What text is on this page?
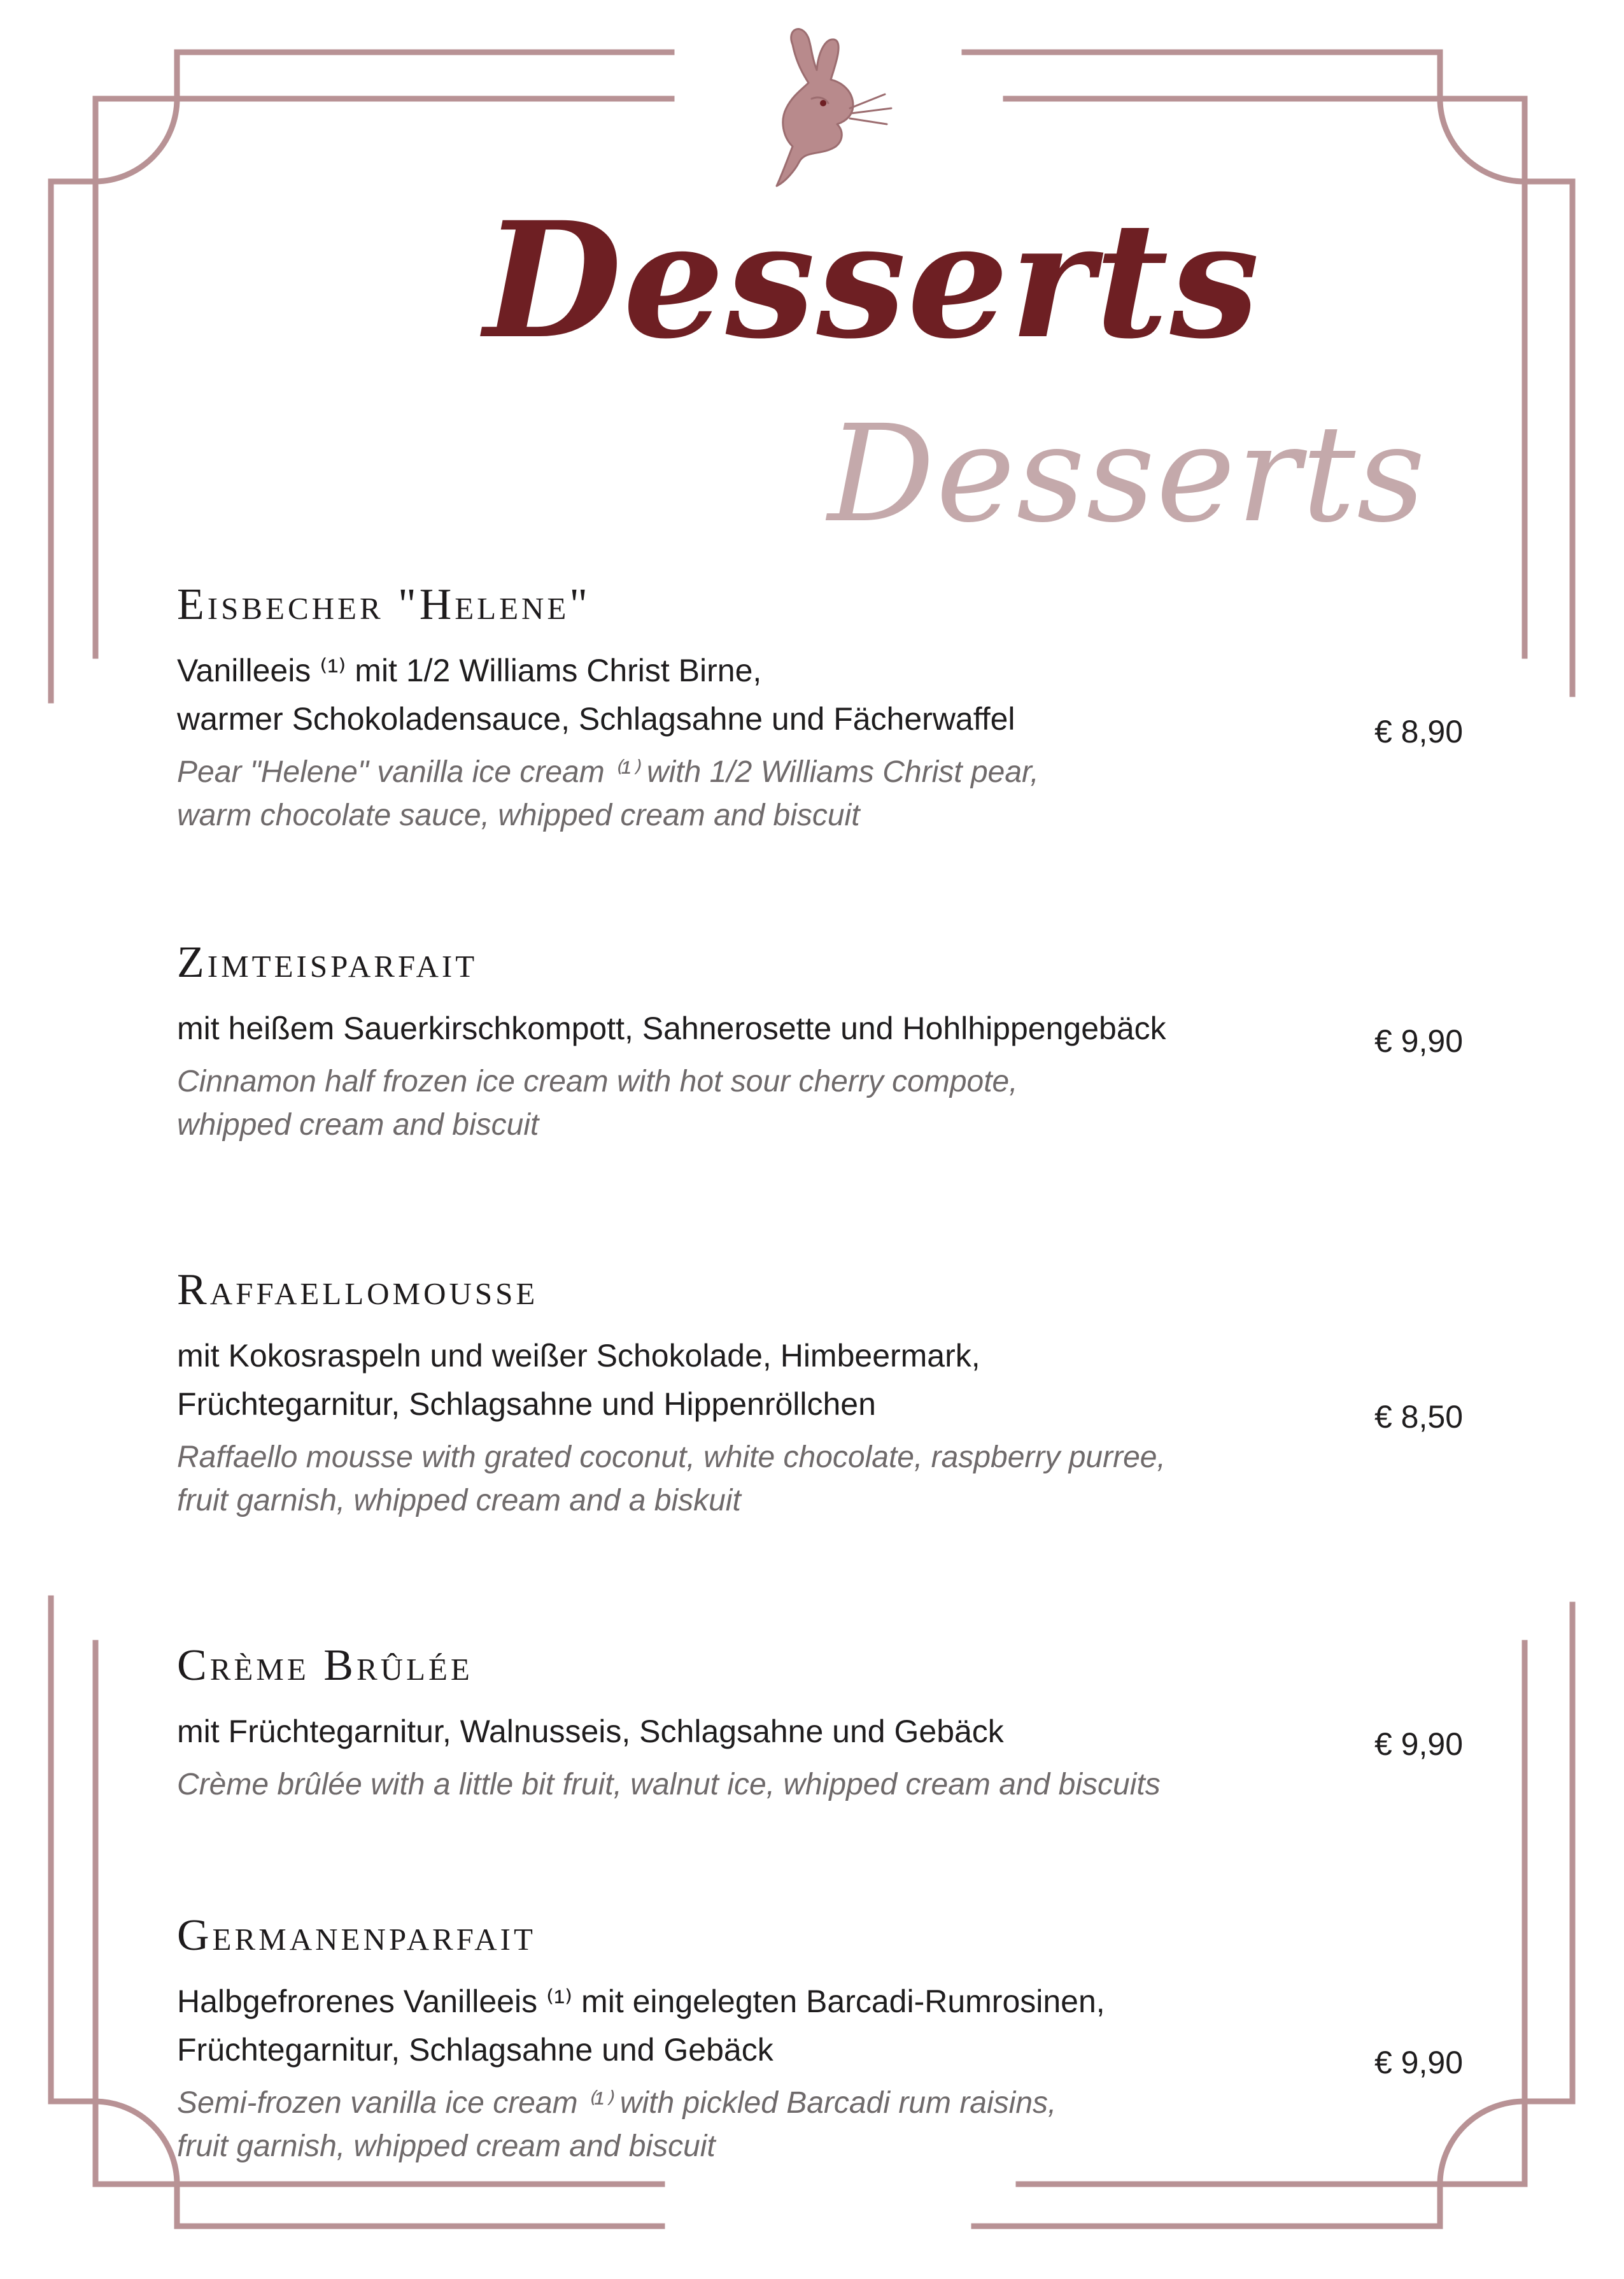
Desserts
Desserts
Eisbecher "Helene"
Vanilleeis ⁽¹⁾ mit 1/2 Williams Christ Birne,
warmer Schokoladensauce, Schlagsahne und Fächerwaffel
Pear "Helene" vanilla ice cream ⁽¹⁾ with 1/2 Williams Christ pear,
warm chocolate sauce, whipped cream and biscuit
€ 8,90
Zimteisparfait
mit heißem Sauerkirschkompott, Sahnerosette und Hohlhippengebäck
Cinnamon half frozen ice cream with hot sour cherry compote,
whipped cream and biscuit
€ 9,90
Raffaellomousse
mit Kokosraspeln und weißer Schokolade, Himbeermark,
Früchtegarnitur, Schlagsahne und Hippenröllchen
Raffaello mousse with grated coconut, white chocolate, raspberry purree,
fruit garnish, whipped cream and a biskuit
€ 8,50
Crème Brûlée
mit Früchtegarnitur, Walnusseis, Schlagsahne und Gebäck
Crème brûlée with a little bit fruit, walnut ice, whipped cream and biscuits
€ 9,90
Germanenparfait
Halbgefrorenes Vanilleeis ⁽¹⁾ mit eingelegten Barcadi-Rumrosinen,
Früchtegarnitur, Schlagsahne und Gebäck
Semi-frozen vanilla ice cream ⁽¹⁾ with pickled Barcadi rum raisins,
fruit garnish, whipped cream and biscuit
€ 9,90
